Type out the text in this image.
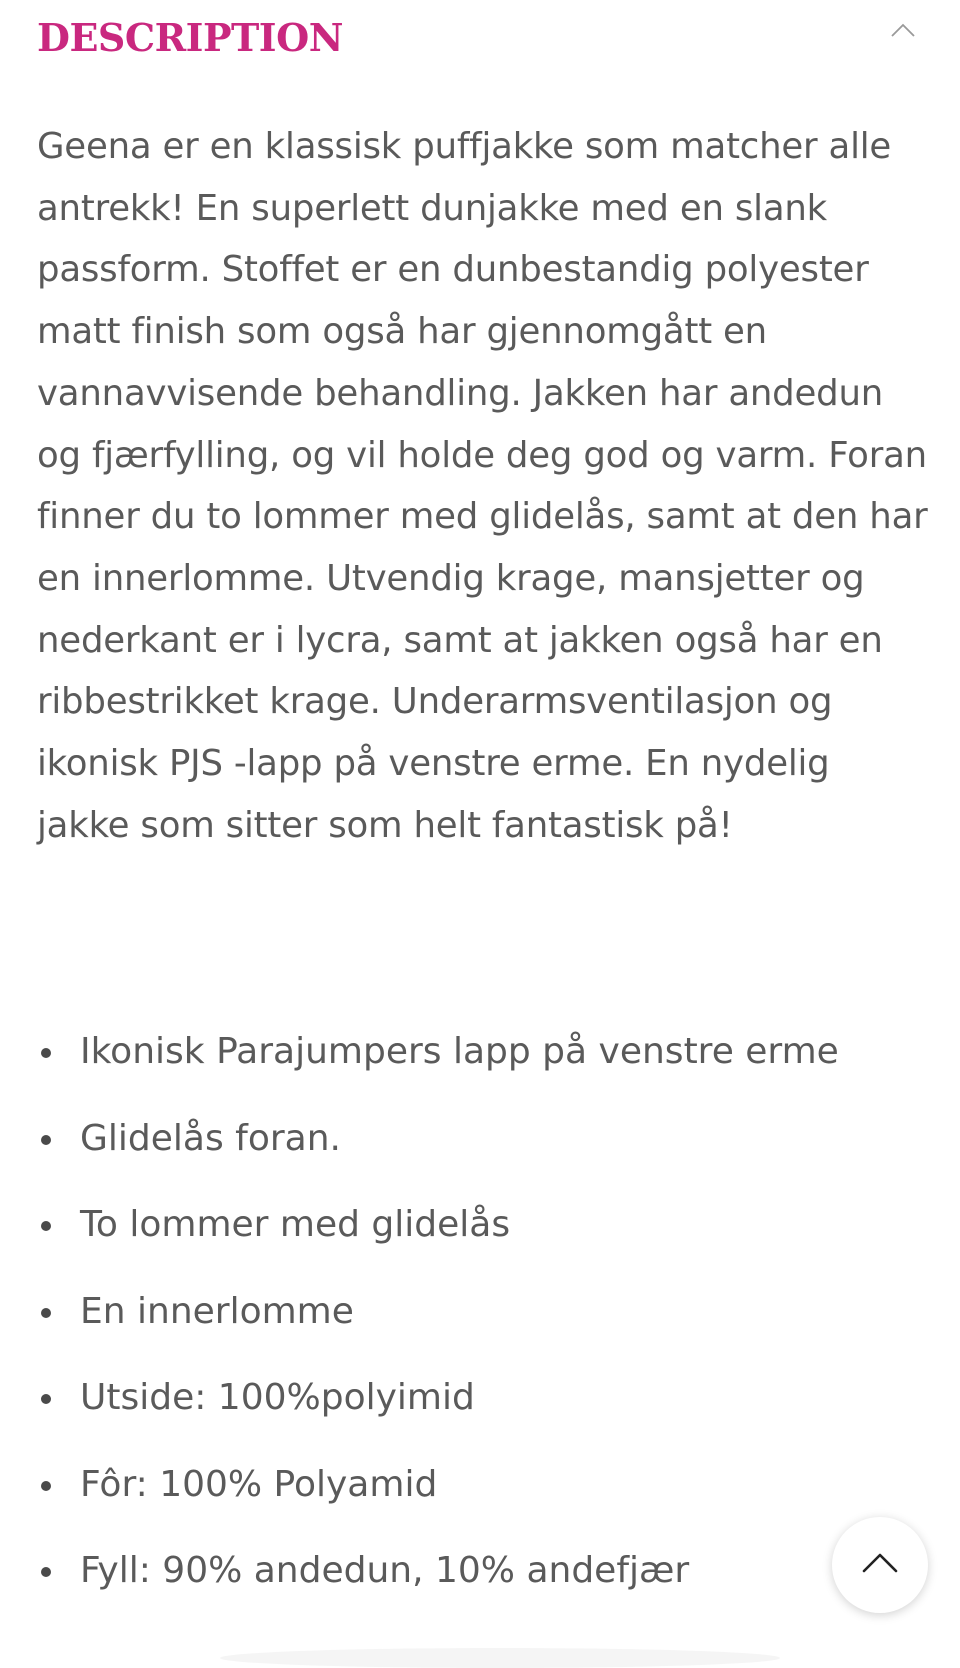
DESCRIPTION

Geena er en klassisk puffjakke som matcher alle antrekk! En superlett dunjakke med en slank passform. Stoffet er en dunbestandig polyester matt finish som også har gjennomgått en vannavvisende behandling. Jakken har andedun og fjærfylling, og vil holde deg god og varm. Foran finner du to lommer med glidelås, samt at den har en innerlomme. Utvendig krage, mansjetter og nederkant er i lycra, samt at jakken også har en ribbestrikket krage. Underarmsventilasjon og ikonisk PJS -lapp på venstre erme. En nydelig jakke som sitter som helt fantastisk på!

Ikonisk Parajumpers lapp på venstre erme
Glidelås foran.
To lommer med glidelås
En innerlomme
Utside: 100%polyimid
Fôr: 100% Polyamid
Fyll: 90% andedun, 10% andefjær
